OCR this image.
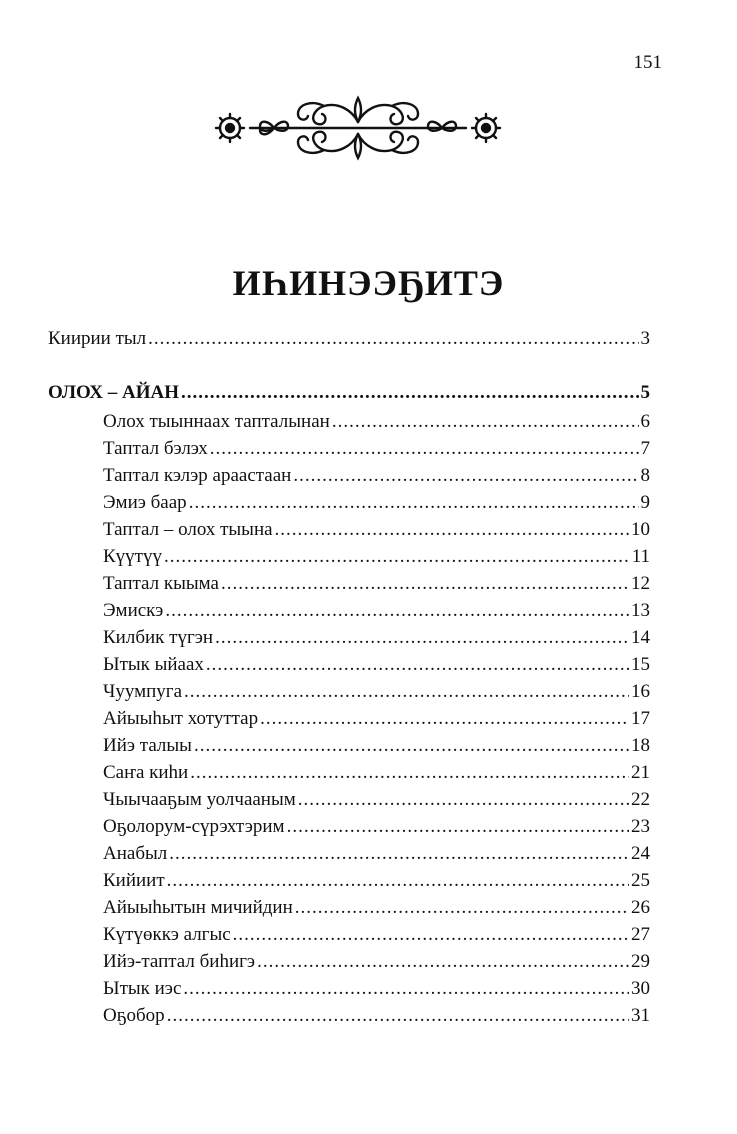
151
ИҺИНЭЭҔИТЭ
Киирии тыл .....	3
ОЛОХ – АЙАН .....	5
Олох тыыннаах тапталынан .....	6
Таптал бэлэх .....	7
Таптал кэлэр араастаан .....	8
Эмиэ баар .....	9
Таптал – олох тыына .....	10
Күүтүү .....	11
Таптал кыыма .....	12
Эмискэ .....	13
Килбик түгэн .....	14
Ытык ыйаах .....	15
Чуумпуга .....	16
Айыыһыт хотуттар .....	17
Ийэ талыы .....	18
Саҥа киһи .....	21
Чыычааҕым уолчааным .....	22
Оҕолорум-сүрэхтэрим .....	23
Анабыл .....	24
Кийиит .....	25
Айыыһытын мичийдин .....	26
Күтүөккэ алгыс .....	27
Ийэ-таптал биһигэ .....	29
Ытык иэс .....	30
Оҕобор .....	31
